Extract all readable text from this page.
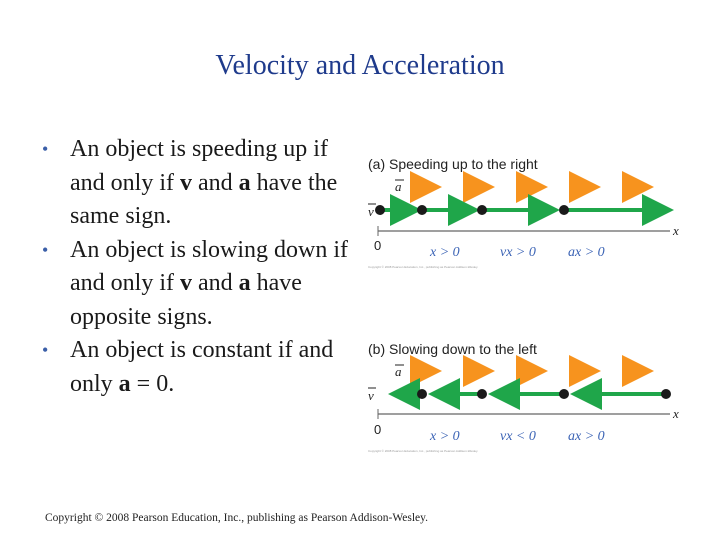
Velocity and Acceleration
• An object is speeding up if and only if v and a have the same sign.
• An object is slowing down if and only if v and a have opposite signs.
• An object is constant if and only a = 0.
(a) Speeding up to the right
a
v
x
0	x > 0	vx > 0 ax > 0
Copyright © 2008 Pearson Education, Inc., publishing as Pearson Addison-Wesley.
(b) Slowing down to the left
a
v
x
0	x > 0	vx < 0 ax > 0
Copyright © 2008 Pearson Education, Inc., publishing as Pearson Addison-Wesley.
Copyright © 2008 Pearson Education, Inc., publishing as Pearson Addison-Wesley.
